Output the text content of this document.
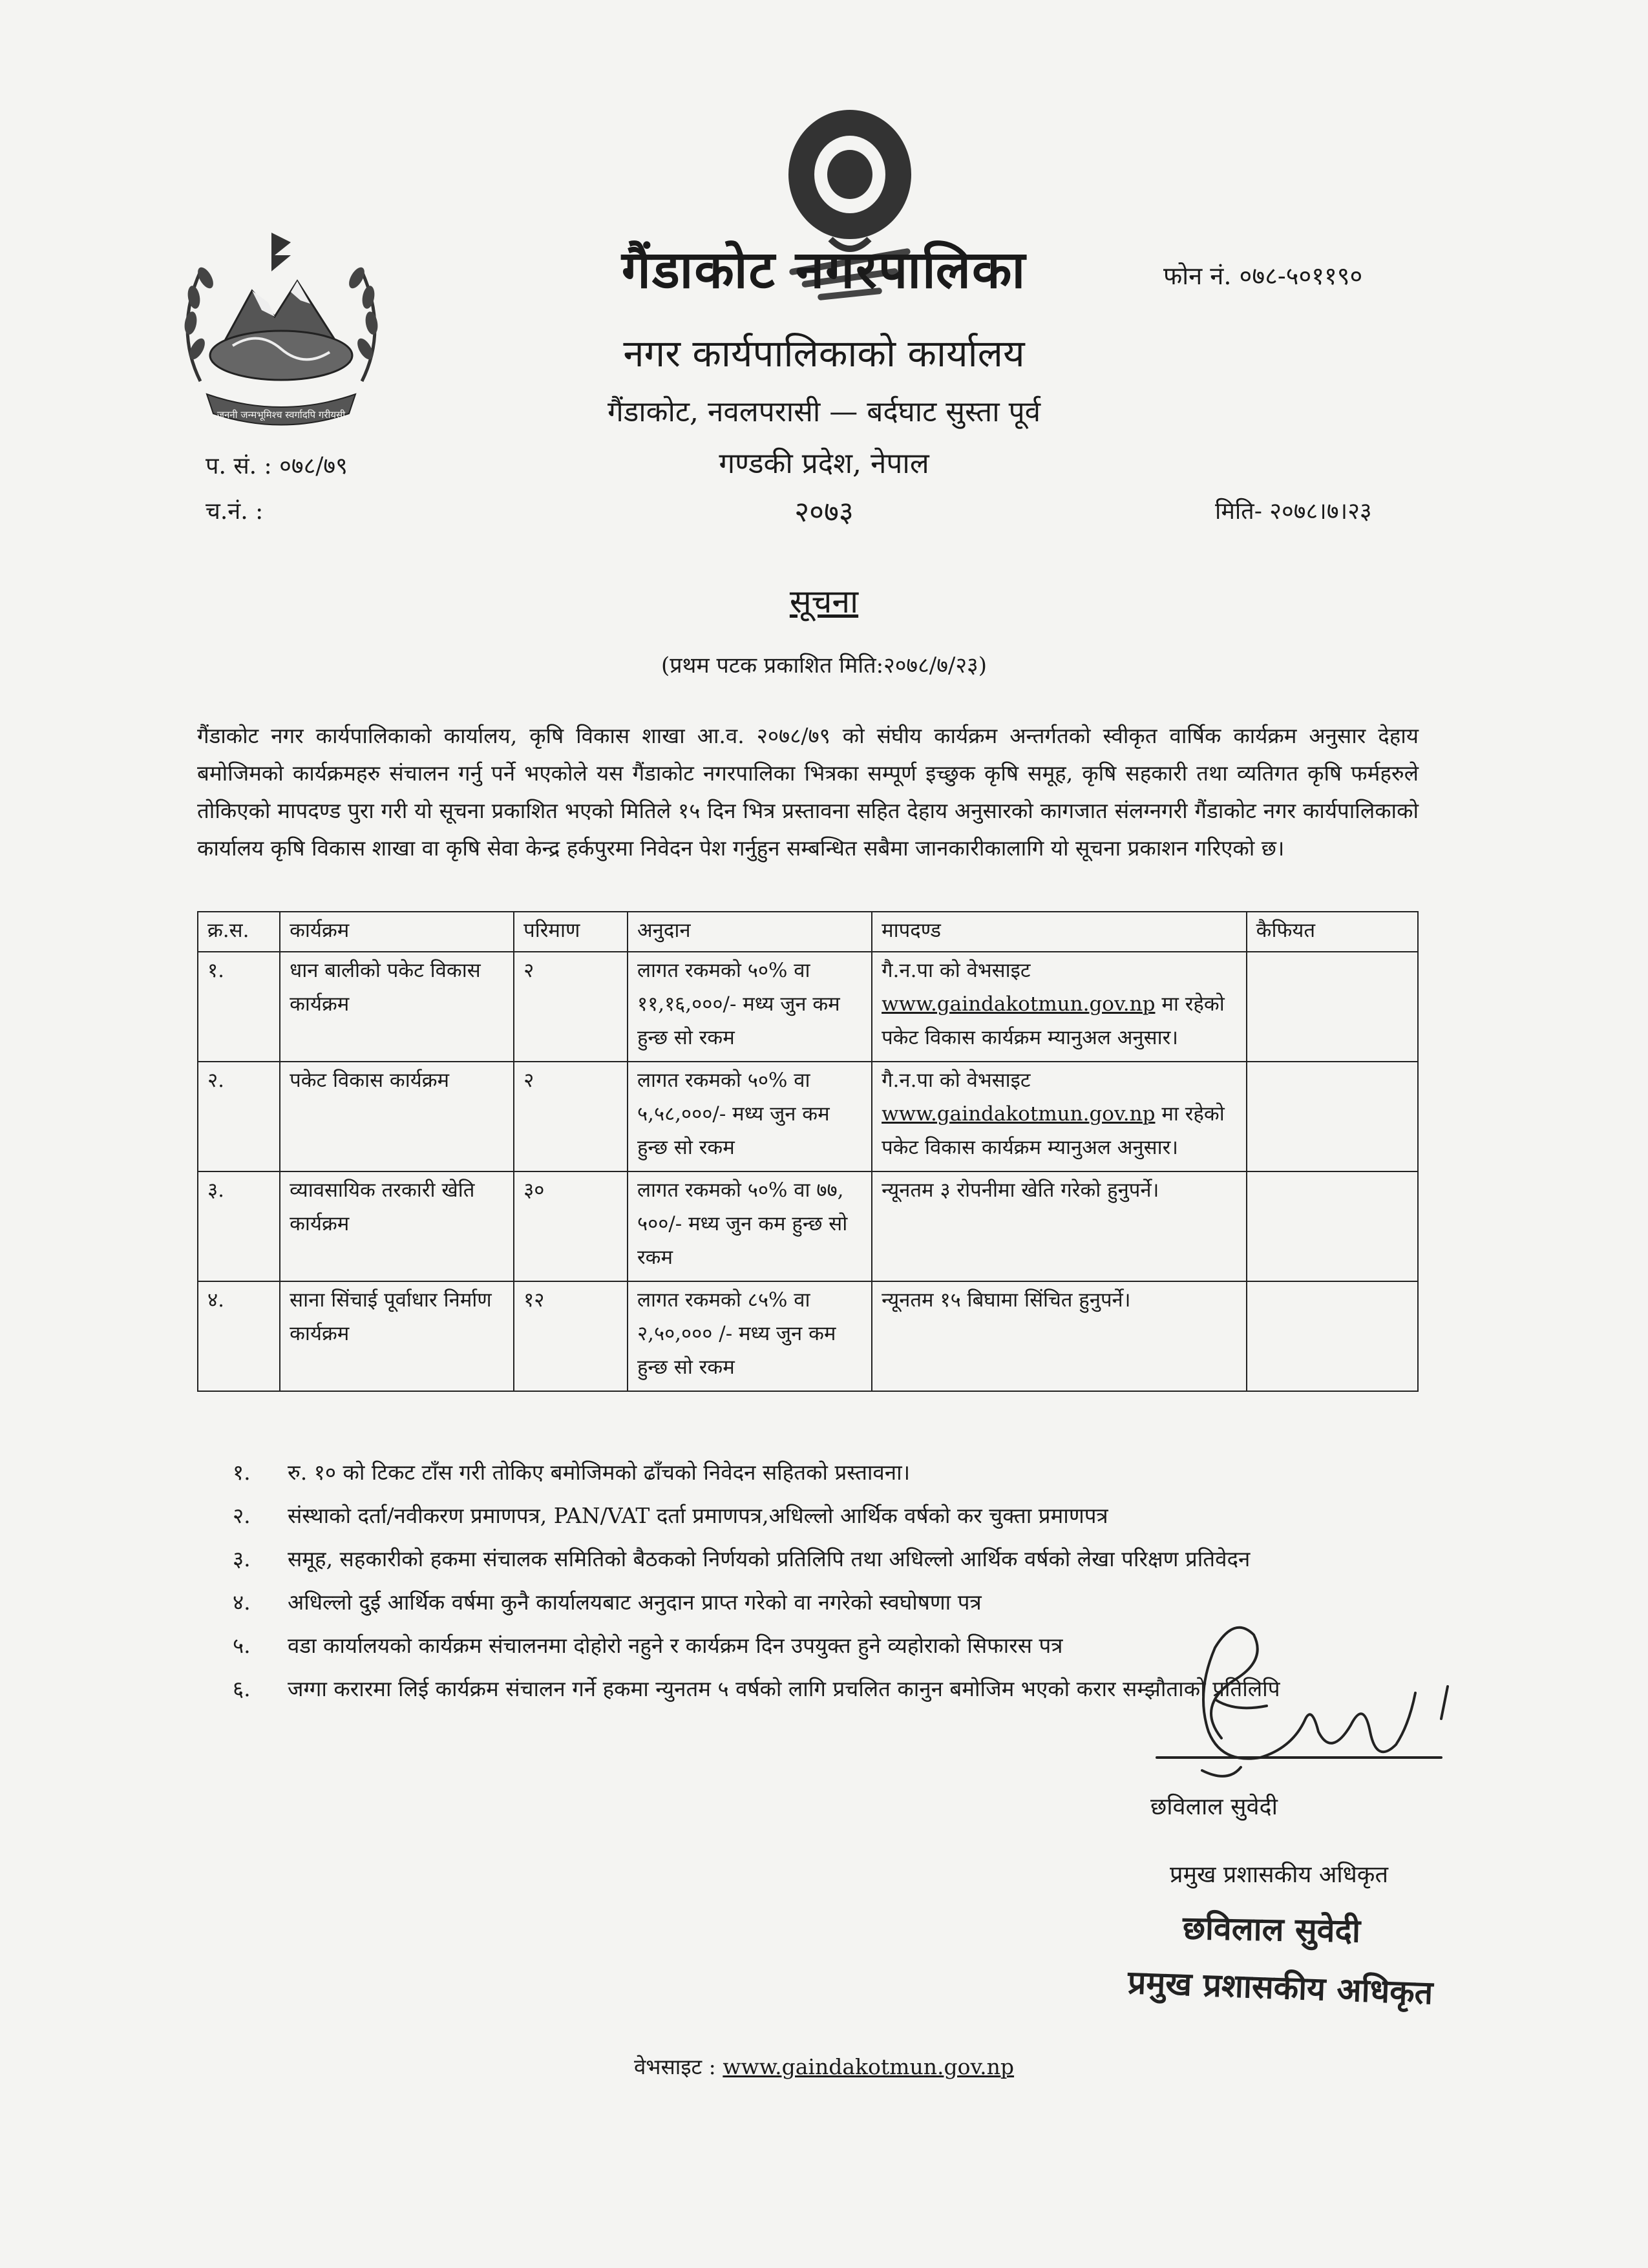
जननी जन्मभूमिश्च स्वर्गादपि गरीयसी
गैंडाकोट नगरपालिका
नगर कार्यपालिकाको कार्यालय
गैंडाकोट, नवलपरासी — बर्दघाट सुस्ता पूर्व
गण्डकी प्रदेश, नेपाल
२०७३
फोन नं. ०७८-५०११९०
प. सं. : ०७८/७९
च.नं. :	मिति- २०७८।७।२३
सूचना
(प्रथम पटक प्रकाशित मिति:२०७८/७/२३)
गैंडाकोट नगर कार्यपालिकाको कार्यालय, कृषि विकास शाखा आ.व. २०७८/७९ को संघीय कार्यक्रम अन्तर्गतको स्वीकृत वार्षिक कार्यक्रम अनुसार देहाय बमोजिमको कार्यक्रमहरु संचालन गर्नु पर्ने भएकोले यस गैंडाकोट नगरपालिका भित्रका सम्पूर्ण इच्छुक कृषि समूह, कृषि सहकारी तथा व्यतिगत कृषि फर्महरुले तोकिएको मापदण्ड पुरा गरी यो सूचना प्रकाशित भएको मितिले १५ दिन भित्र प्रस्तावना सहित देहाय अनुसारको कागजात संलग्नगरी गैंडाकोट नगर कार्यपालिकाको कार्यालय कृषि विकास शाखा वा कृषि सेवा केन्द्र हर्कपुरमा निवेदन पेश गर्नुहुन सम्बन्धित सबैमा जानकारीकालागि यो सूचना प्रकाशन गरिएको छ।
क्र.स.	कार्यक्रम	परिमाण	अनुदान	मापदण्ड	कैफियत
१.	धान बालीको पकेट विकास कार्यक्रम	२	लागत रकमको ५०% वा ११,१६,०००/- मध्य जुन कम हुन्छ सो रकम	गै.न.पा को वेभसाइट www.gaindakotmun.gov.np मा रहेको पकेट विकास कार्यक्रम म्यानुअल अनुसार।	
२.	पकेट विकास कार्यक्रम	२	लागत रकमको ५०% वा ५,५८,०००/- मध्य जुन कम हुन्छ सो रकम	गै.न.पा को वेभसाइट www.gaindakotmun.gov.np मा रहेको पकेट विकास कार्यक्रम म्यानुअल अनुसार।	
३.	व्यावसायिक तरकारी खेति कार्यक्रम	३०	लागत रकमको ५०% वा ७७, ५००/- मध्य जुन कम हुन्छ सो रकम	न्यूनतम ३ रोपनीमा खेति गरेको हुनुपर्ने।	
४.	साना सिंचाई पूर्वाधार निर्माण कार्यक्रम	१२	लागत रकमको ८५% वा २,५०,००० /- मध्य जुन कम हुन्छ सो रकम	न्यूनतम १५ बिघामा सिंचित हुनुपर्ने।	
१.	रु. १० को टिकट टाँस गरी तोकिए बमोजिमको ढाँचको निवेदन सहितको प्रस्तावना।
२.	संस्थाको दर्ता/नवीकरण प्रमाणपत्र, PAN/VAT दर्ता प्रमाणपत्र,अधिल्लो आर्थिक वर्षको कर चुक्ता प्रमाणपत्र
३.	समूह, सहकारीको हकमा संचालक समितिको बैठकको निर्णयको प्रतिलिपि तथा अधिल्लो आर्थिक वर्षको लेखा परिक्षण प्रतिवेदन
४.	अधिल्लो दुई आर्थिक वर्षमा कुनै कार्यालयबाट अनुदान प्राप्त गरेको वा नगरेको स्वघोषणा पत्र
५.	वडा कार्यालयको कार्यक्रम संचालनमा दोहोरो नहुने र कार्यक्रम दिन उपयुक्त हुने व्यहोराको सिफारस पत्र
६.	जग्गा करारमा लिई कार्यक्रम संचालन गर्ने हकमा न्युनतम ५ वर्षको लागि प्रचलित कानुन बमोजिम भएको करार सम्झौताको प्रतिलिपि
छविलाल सुवेदी
प्रमुख प्रशासकीय अधिकृत
छविलाल सुवेदी
प्रमुख प्रशासकीय अधिकृत
वेभसाइट : www.gaindakotmun.gov.np
